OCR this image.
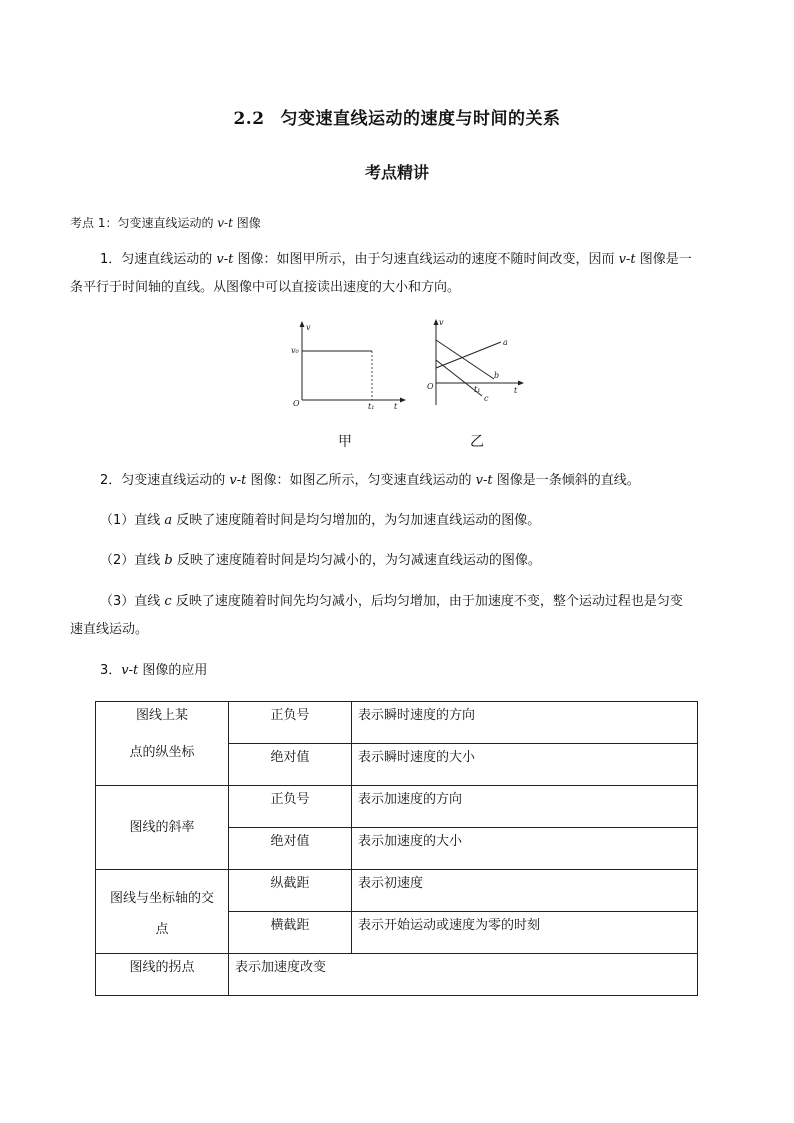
2.2 匀变速直线运动的速度与时间的关系
考点精讲
考点 1：匀变速直线运动的 v-t 图像
1．匀速直线运动的 v-t 图像：如图甲所示，由于匀速直线运动的速度不随时间改变，因而 v-t 图像是一
条平行于时间轴的直线。从图像中可以直接读出速度的大小和方向。
v
t
O
v₀
t₁
v
t
O	t₁
a
b
c
甲	乙
2．匀变速直线运动的 v-t 图像：如图乙所示，匀变速直线运动的 v-t 图像是一条倾斜的直线。
（1）直线 a 反映了速度随着时间是均匀增加的，为匀加速直线运动的图像。
（2）直线 b 反映了速度随着时间是均匀减小的，为匀减速直线运动的图像。
（3）直线 c 反映了速度随着时间先均匀减小，后均匀增加，由于加速度不变，整个运动过程也是匀变
速直线运动。
3．v-t 图像的应用
图线上某
点的纵坐标	正负号	表示瞬时速度的方向
	绝对值	表示瞬时速度的大小
图线的斜率	正负号	表示加速度的方向
	绝对值	表示加速度的大小

图线与坐标轴的交
点	纵截距	表示初速度
	横截距	表示开始运动或速度为零的时刻
图线的拐点	表示加速度改变	
